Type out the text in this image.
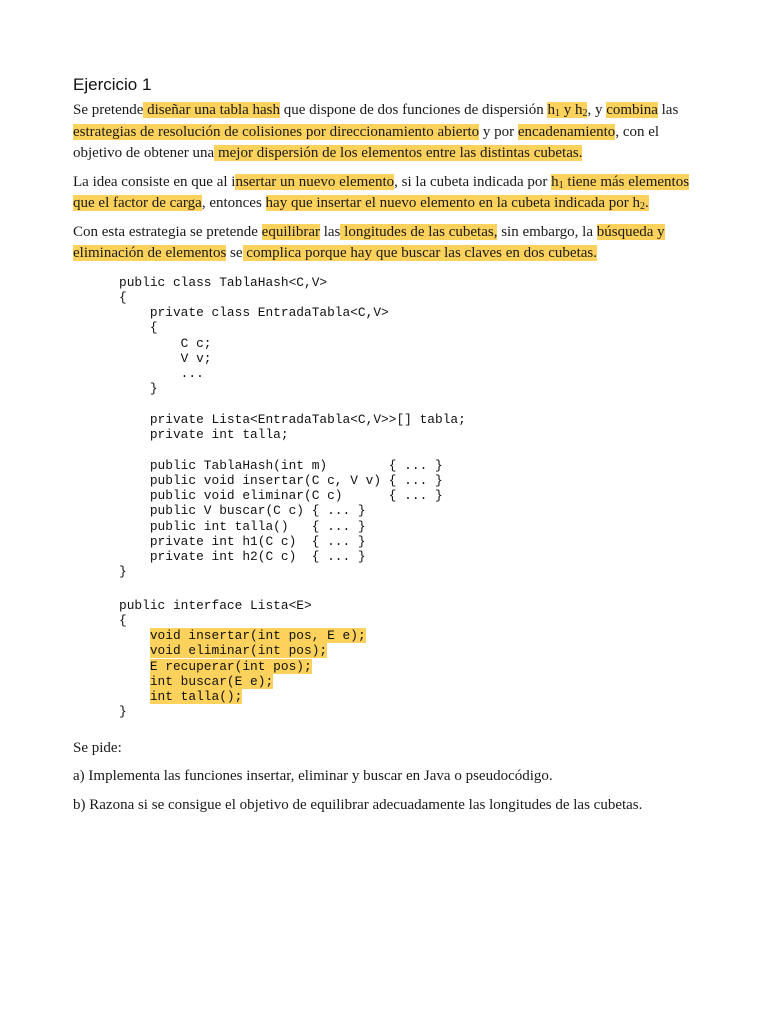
Ejercicio 1

Se pretende diseñar una tabla hash que dispone de dos funciones de dispersión $h_1$ y $h_2$, y combina las estrategias de resolución de colisiones por direccionamiento abierto y por encadenamiento, con el objetivo de obtener una mejor dispersión de los elementos entre las distintas cubetas.

La idea consiste en que al insertar un nuevo elemento, si la cubeta indicada por $h_1$ tiene más elementos que el factor de carga, entonces hay que insertar el nuevo elemento en la cubeta indicada por $h_2$.

Con esta estrategia se pretende equilibrar las longitudes de las cubetas, sin embargo, la búsqueda y eliminación de elementos se complica porque hay que buscar las claves en dos cubetas.

public class TablaHash<C,V>
{
private class EntradaTabla<C,V>
{
C c;
V v;
...
}

private Lista<EntradaTabla<C,V>>[] tabla;
private int talla;

public TablaHash(int m)        { ... }
public void insertar(C c, V v) { ... }
public void eliminar(C c)      { ... }
public V buscar(C c) { ... }
public int talla()   { ... }
private int h1(C c)  { ... }
private int h2(C c)  { ... }
}
public interface Lista<E>
{
void insertar(int pos, E e);
void eliminar(int pos);
E recuperar(int pos);
int buscar(E e);
int talla();
}

Se pide:

a) Implementa las funciones insertar, eliminar y buscar en Java o pseudocódigo.

b) Razona si se consigue el objetivo de equilibrar adecuadamente las longitudes de las cubetas.
